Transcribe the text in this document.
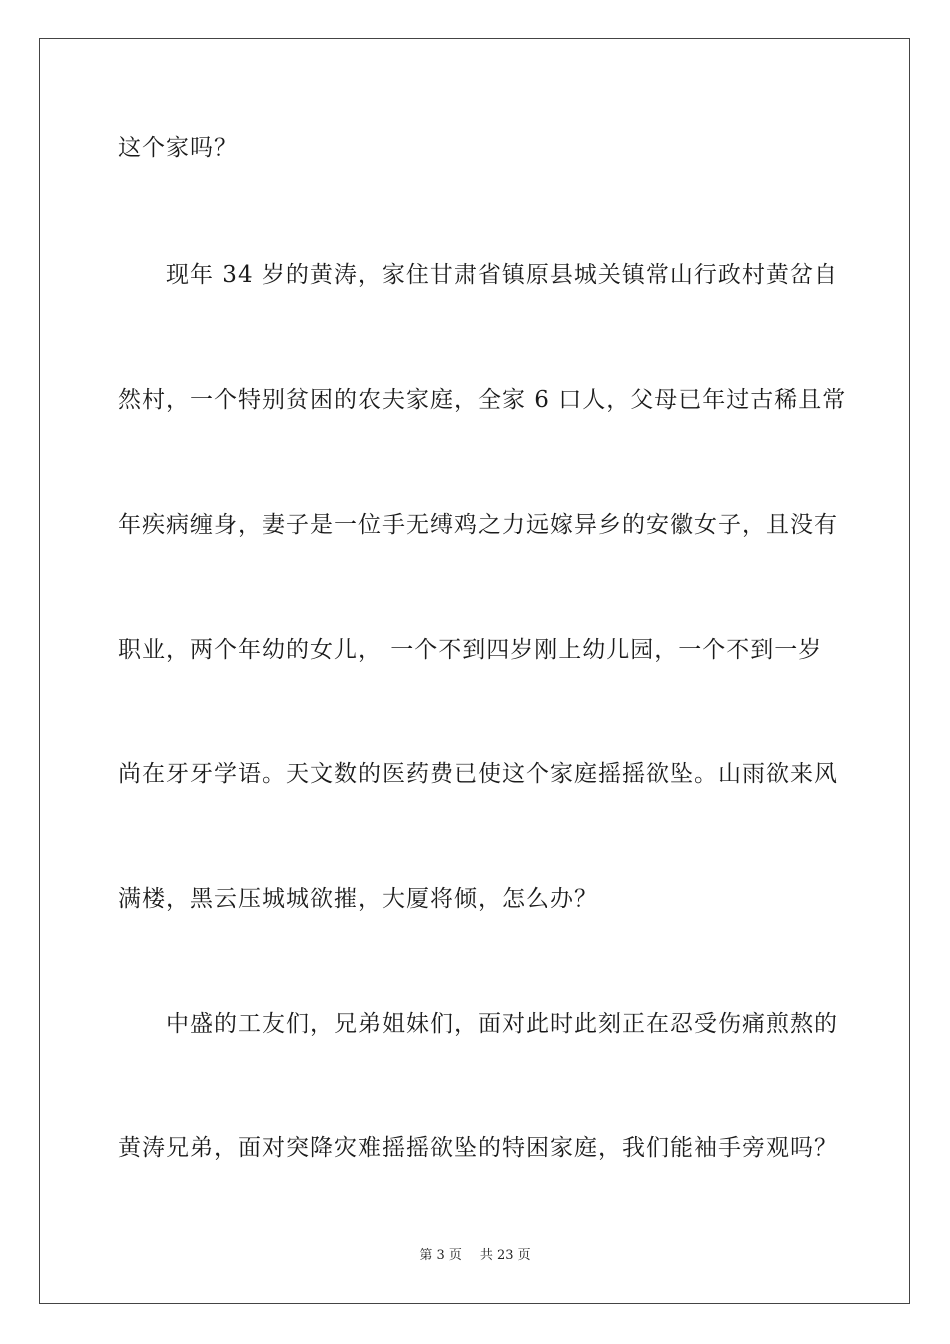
这个家吗？
现年 34 岁的黄涛，家住甘肃省镇原县城关镇常山行政村黄岔自
然村，一个特别贫困的农夫家庭，全家 6 口人，父母已年过古稀且常
年疾病缠身，妻子是一位手无缚鸡之力远嫁异乡的安徽女子，且没有
职业，两个年幼的女儿， 一个不到四岁刚上幼儿园，一个不到一岁
尚在牙牙学语。天文数的医药费已使这个家庭摇摇欲坠。山雨欲来风
满楼，黑云压城城欲摧，大厦将倾，怎么办？
中盛的工友们，兄弟姐妹们，面对此时此刻正在忍受伤痛煎熬的
黄涛兄弟，面对突降灾难摇摇欲坠的特困家庭，我们能袖手旁观吗？
第 3 页 共 23 页
